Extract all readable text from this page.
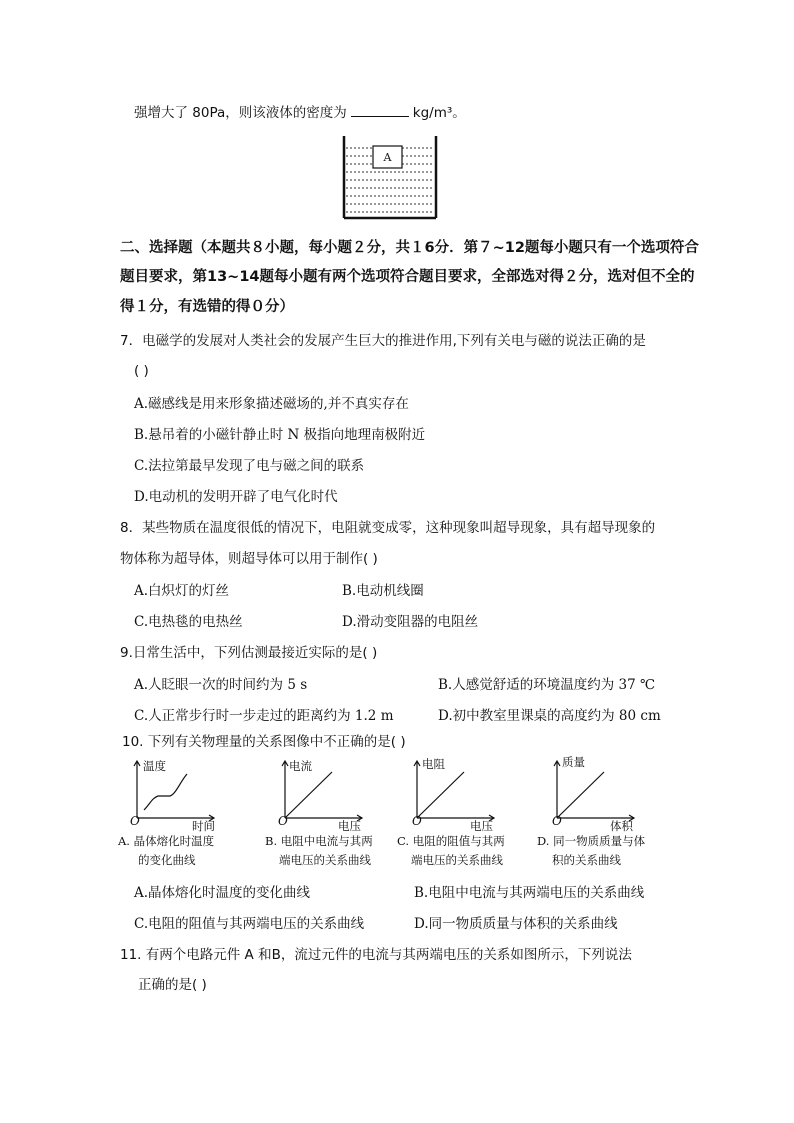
强增大了 80Pa，则该液体的密度为	kg/m³。
A
二、选择题（本题共８小题，每小题２分，共１6分．第７~12题每小题只有一个选项符合
题目要求，第13~14题每小题有两个选项符合题目要求，全部选对得２分，选对但不全的
得１分，有选错的得０分）
7．电磁学的发展对人类社会的发展产生巨大的推进作用,下列有关电与磁的说法正确的是
( )
A.磁感线是用来形象描述磁场的,并不真实存在
B.悬吊着的小磁针静止时 N 极指向地理南极附近
C.法拉第最早发现了电与磁之间的联系
D.电动机的发明开辟了电气化时代
8．某些物质在温度很低的情况下，电阻就变成零，这种现象叫超导现象，具有超导现象的
物体称为超导体，则超导体可以用于制作( )
A.白炽灯的灯丝	B.电动机线圈
C.电热毯的电热丝	D.滑动变阻器的电阻丝
9.日常生活中，下列估测最接近实际的是( )
A.人眨眼一次的时间约为 5 s	B.人感觉舒适的环境温度约为 37 ℃
C.人正常步行时一步走过的距离约为 1.2 m	D.初中教室里课桌的高度约为 80 cm
10. 下列有关物理量的关系图像中不正确的是( )
温度
时间
O
A. 晶体熔化时温度
的变化曲线
电流
电压
O
B. 电阻中电流与其两
端电压的关系曲线
电阻
电压
O
C. 电阻的阻值与其两
端电压的关系曲线
质量
体积
O
D. 同一物质质量与体
积的关系曲线
A.晶体熔化时温度的变化曲线	B.电阻中电流与其两端电压的关系曲线
C.电阻的阻值与其两端电压的关系曲线	D.同一物质质量与体积的关系曲线
11. 有两个电路元件 A 和B，流过元件的电流与其两端电压的关系如图所示，下列说法
正确的是( )
